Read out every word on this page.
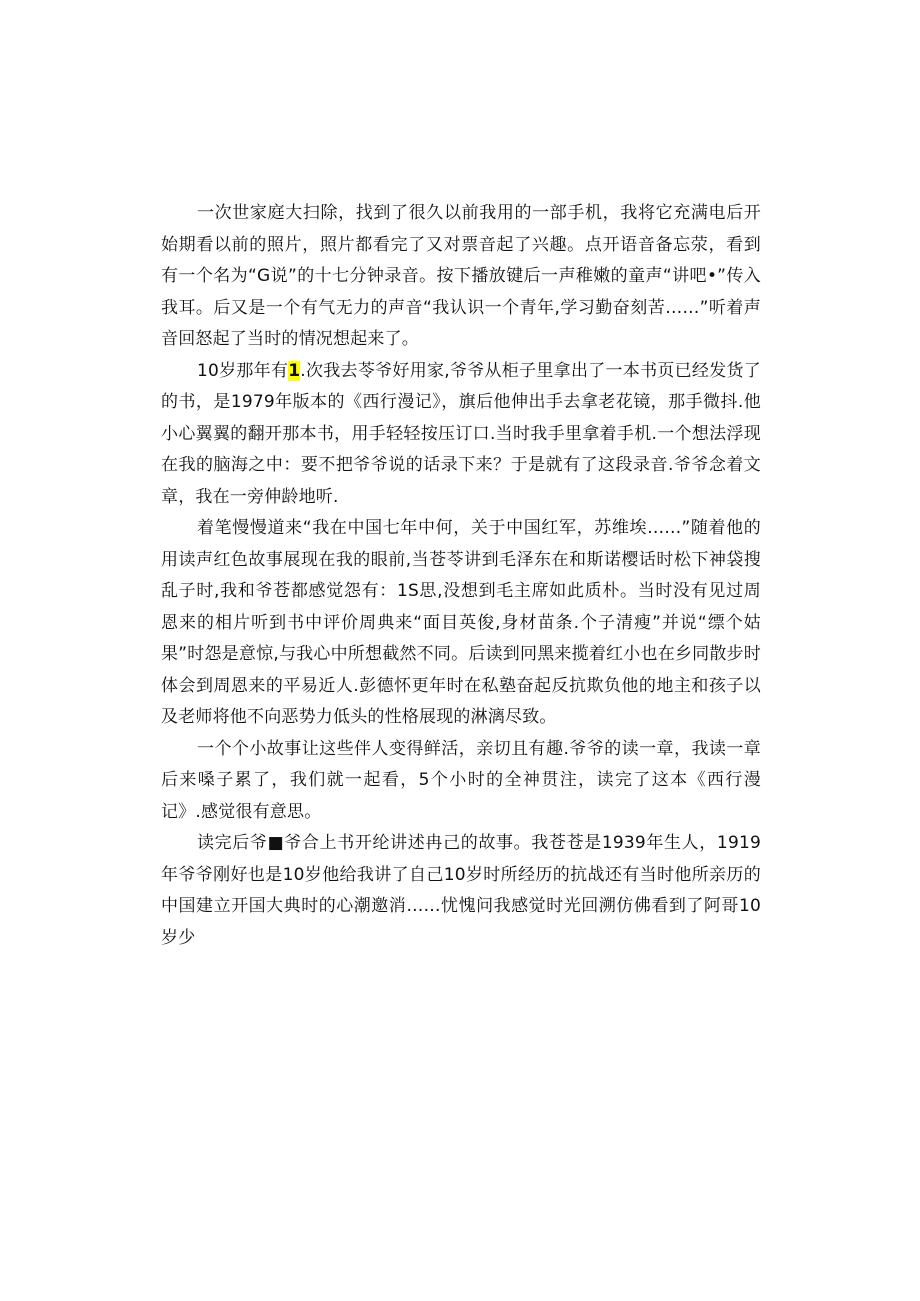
一次世家庭大扫除，找到了很久以前我用的一部手机，我将它充满电后开始期看以前的照片，照片都看完了又对票音起了兴趣。点开语音备忘荥，看到有一个名为“G说”的十七分钟录音。按下播放键后一声稚嫩的童声“讲吧•”传入我耳。后又是一个有气无力的声音“我认识一个青年,学习勤奋刻苦……”听着声音回怒起了当时的情况想起来了。

10岁那年有1.次我去苓爷好用家,爷爷从柜子里拿出了一本书页已经发货了的书，是1979年版本的《西行漫记》，旗后他伸出手去拿老花镜，那手微抖.他小心翼翼的翻开那本书，用手轻轻按压订口.当时我手里拿着手机.一个想法浮现在我的脑海之中：要不把爷爷说的话录下来？于是就有了这段录音.爷爷念着文章，我在一旁伸龄地听.

着笔慢慢道来“我在中国七年中何，关于中国红军，苏维埃……”随着他的用读声红色故事展现在我的眼前,当苍苓讲到毛泽东在和斯诺樱话时松下神袋搜乱子时,我和爷苍都感觉怨有：1S思,没想到毛主席如此质朴。当时没有见过周恩来的相片听到书中评价周典来“面目英俊,身材苗条.个子清瘦”并说“缥个姑果”时怨是意惊,与我心中所想截然不同。后读到冋黑来揽着红小也在乡同散步时体会到周恩来的平易近人.彭德怀更年时在私塾奋起反抗欺负他的地主和孩子以及老师将他不向恶势力低头的性格展现的淋漓尽致。

一个个小故事让这些伴人变得鲜活，亲切且有趣.爷爷的读一章，我读一章后来嗓子累了，我们就一起看，5个小时的全神贯注，读完了这本《西行漫记》.感觉很有意思。

读完后爷■爷合上书开纶讲述冉己的故事。我苍苍是1939年生人，1919年爷爷刚好也是10岁他给我讲了自己10岁时所经历的抗战还有当时他所亲历的中国建立开国大典时的心潮邀消……忧愧问我感觉时光回溯仿佛看到了阿哥10岁少
